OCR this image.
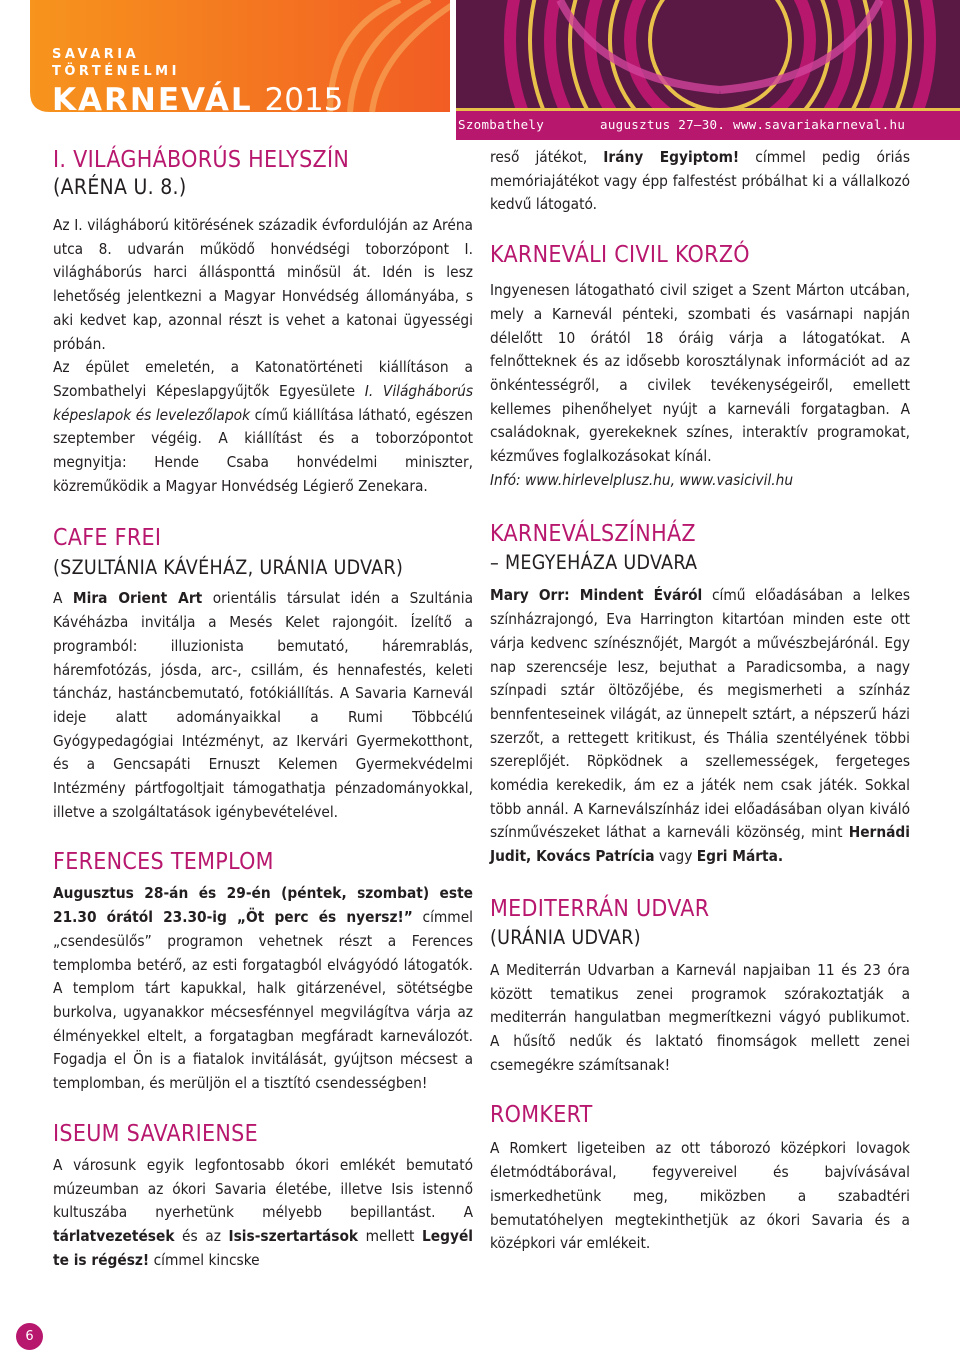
SAVARIA
TÖRTÉNELMI
KARNEVÁL 2015
Szombathely	augusztus 27–30. www.savariakarneval.hu
I. VILÁGHÁBORÚS HELYSZÍN
(ARÉNA U. 8.)

Az I. világháború kitörésének századik évfordulóján az Aréna utca 8. udvarán működő honvédségi toborzópont I. világháborús harci állásponttá minősül át. Idén is lesz lehetőség jelentkezni a Magyar Honvédség állományába, s aki kedvet kap, azonnal részt is vehet a katonai ügyességi próbán.

Az épület emeletén, a Katonatörténeti kiállításon a Szombathelyi Képeslapgyűjtők Egyesülete I. Világháborús képeslapok és levelezőlapok című kiállítása látható, egészen szeptember végéig. A kiállítást és a toborzópontot megnyitja: Hende Csaba honvédelmi miniszter, közreműködik a Magyar Honvédség Légierő Zenekara.

CAFE FREI
(SZULTÁNIA KÁVÉHÁZ, URÁNIA UDVAR)

A Mira Orient Art orientális társulat idén a Szultánia Kávéházba invitálja a Mesés Kelet rajongóit. Ízelítő a programból: illuzionista bemutató, háremrablás, háremfotózás, jósda, arc-, csillám, és hennafestés, keleti táncház, hastáncbemutató, fotókiállítás. A Savaria Karnevál ideje alatt adományaikkal a Rumi Többcélú Gyógypedagógiai Intézményt, az Ikervári Gyermekotthont, és a Gencsapáti Ernuszt Kelemen Gyermekvédelmi Intézmény pártfogoltjait támogathatja pénzadományokkal, illetve a szolgáltatások igénybevételével.

FERENCES TEMPLOM

Augusztus 28-án és 29-én (péntek, szombat) este 21.30 órától 23.30-ig „Öt perc és nyersz!” címmel „csendesülős” programon vehetnek részt a Ferences templomba betérő, az esti forgatagból elvágyódó látogatók. A templom tárt kapukkal, halk gitárzenével, sötétségbe burkolva, ugyanakkor mécsesfénnyel megvilágítva várja az élményekkel eltelt, a forgatagban megfáradt karneválozót. Fogadja el Ön is a fiatalok invitálását, gyújtson mécsest a templomban, és merüljön el a tisztító csendességben!

ISEUM SAVARIENSE

A városunk egyik legfontosabb ókori emlékét bemutató múzeumban az ókori Savaria életébe, illetve Isis istennő kultuszába nyerhetünk mélyebb bepillantást. A tárlatvezetések és az Isis-szertartások mellett Legyél te is régész! címmel kincske

reső játékot, Irány Egyiptom! címmel pedig óriás memóriajátékot vagy épp falfestést próbálhat ki a vállalkozó kedvű látogató.

KARNEVÁLI CIVIL KORZÓ

Ingyenesen látogatható civil sziget a Szent Márton utcában, mely a Karnevál pénteki, szombati és vasárnapi napján délelőtt 10 órától 18 óráig várja a látogatókat. A felnőtteknek és az idősebb korosztálynak információt ad az önkéntességről, a civilek tevékenységeiről, emellett kellemes pihenőhelyet nyújt a karneváli forgatagban. A családoknak, gyerekeknek színes, interaktív programokat, kézműves foglalkozásokat kínál.

Infó: www.hirlevelplusz.hu, www.vasicivil.hu

KARNEVÁLSZÍNHÁZ
– MEGYEHÁZA UDVARA

Mary Orr: Mindent Éváról című előadásában a lelkes színházrajongó, Eva Harrington kitartóan minden este ott várja kedvenc színésznőjét, Margót a művészbejárónál. Egy nap szerencséje lesz, bejuthat a Paradicsomba, a nagy színpadi sztár öltözőjébe, és megismerheti a színház bennfenteseinek világát, az ünnepelt sztárt, a népszerű házi szerzőt, a rettegett kritikust, és Thália szentélyének többi szereplőjét. Röpködnek a szellemességek, fergeteges komédia kerekedik, ám ez a játék nem csak játék. Sokkal több annál. A Karneválszínház idei előadásában olyan kiváló színművészeket láthat a karneváli közönség, mint Hernádi Judit, Kovács Patrícia vagy Egri Márta.

MEDITERRÁN UDVAR
(URÁNIA UDVAR)

A Mediterrán Udvarban a Karnevál napjaiban 11 és 23 óra között tematikus zenei programok szórakoztatják a mediterrán hangulatban megmerítkezni vágyó publikumot. A hűsítő nedűk és laktató finomságok mellett zenei csemegékre számítsanak!

ROMKERT

A Romkert ligeteiben az ott táborozó középkori lovagok életmódtáborával, fegyvereivel és bajvívásával ismerkedhetünk meg, miközben a szabadtéri bemutatóhelyen megtekinthetjük az ókori Savaria és a középkori vár emlékeit.

6
